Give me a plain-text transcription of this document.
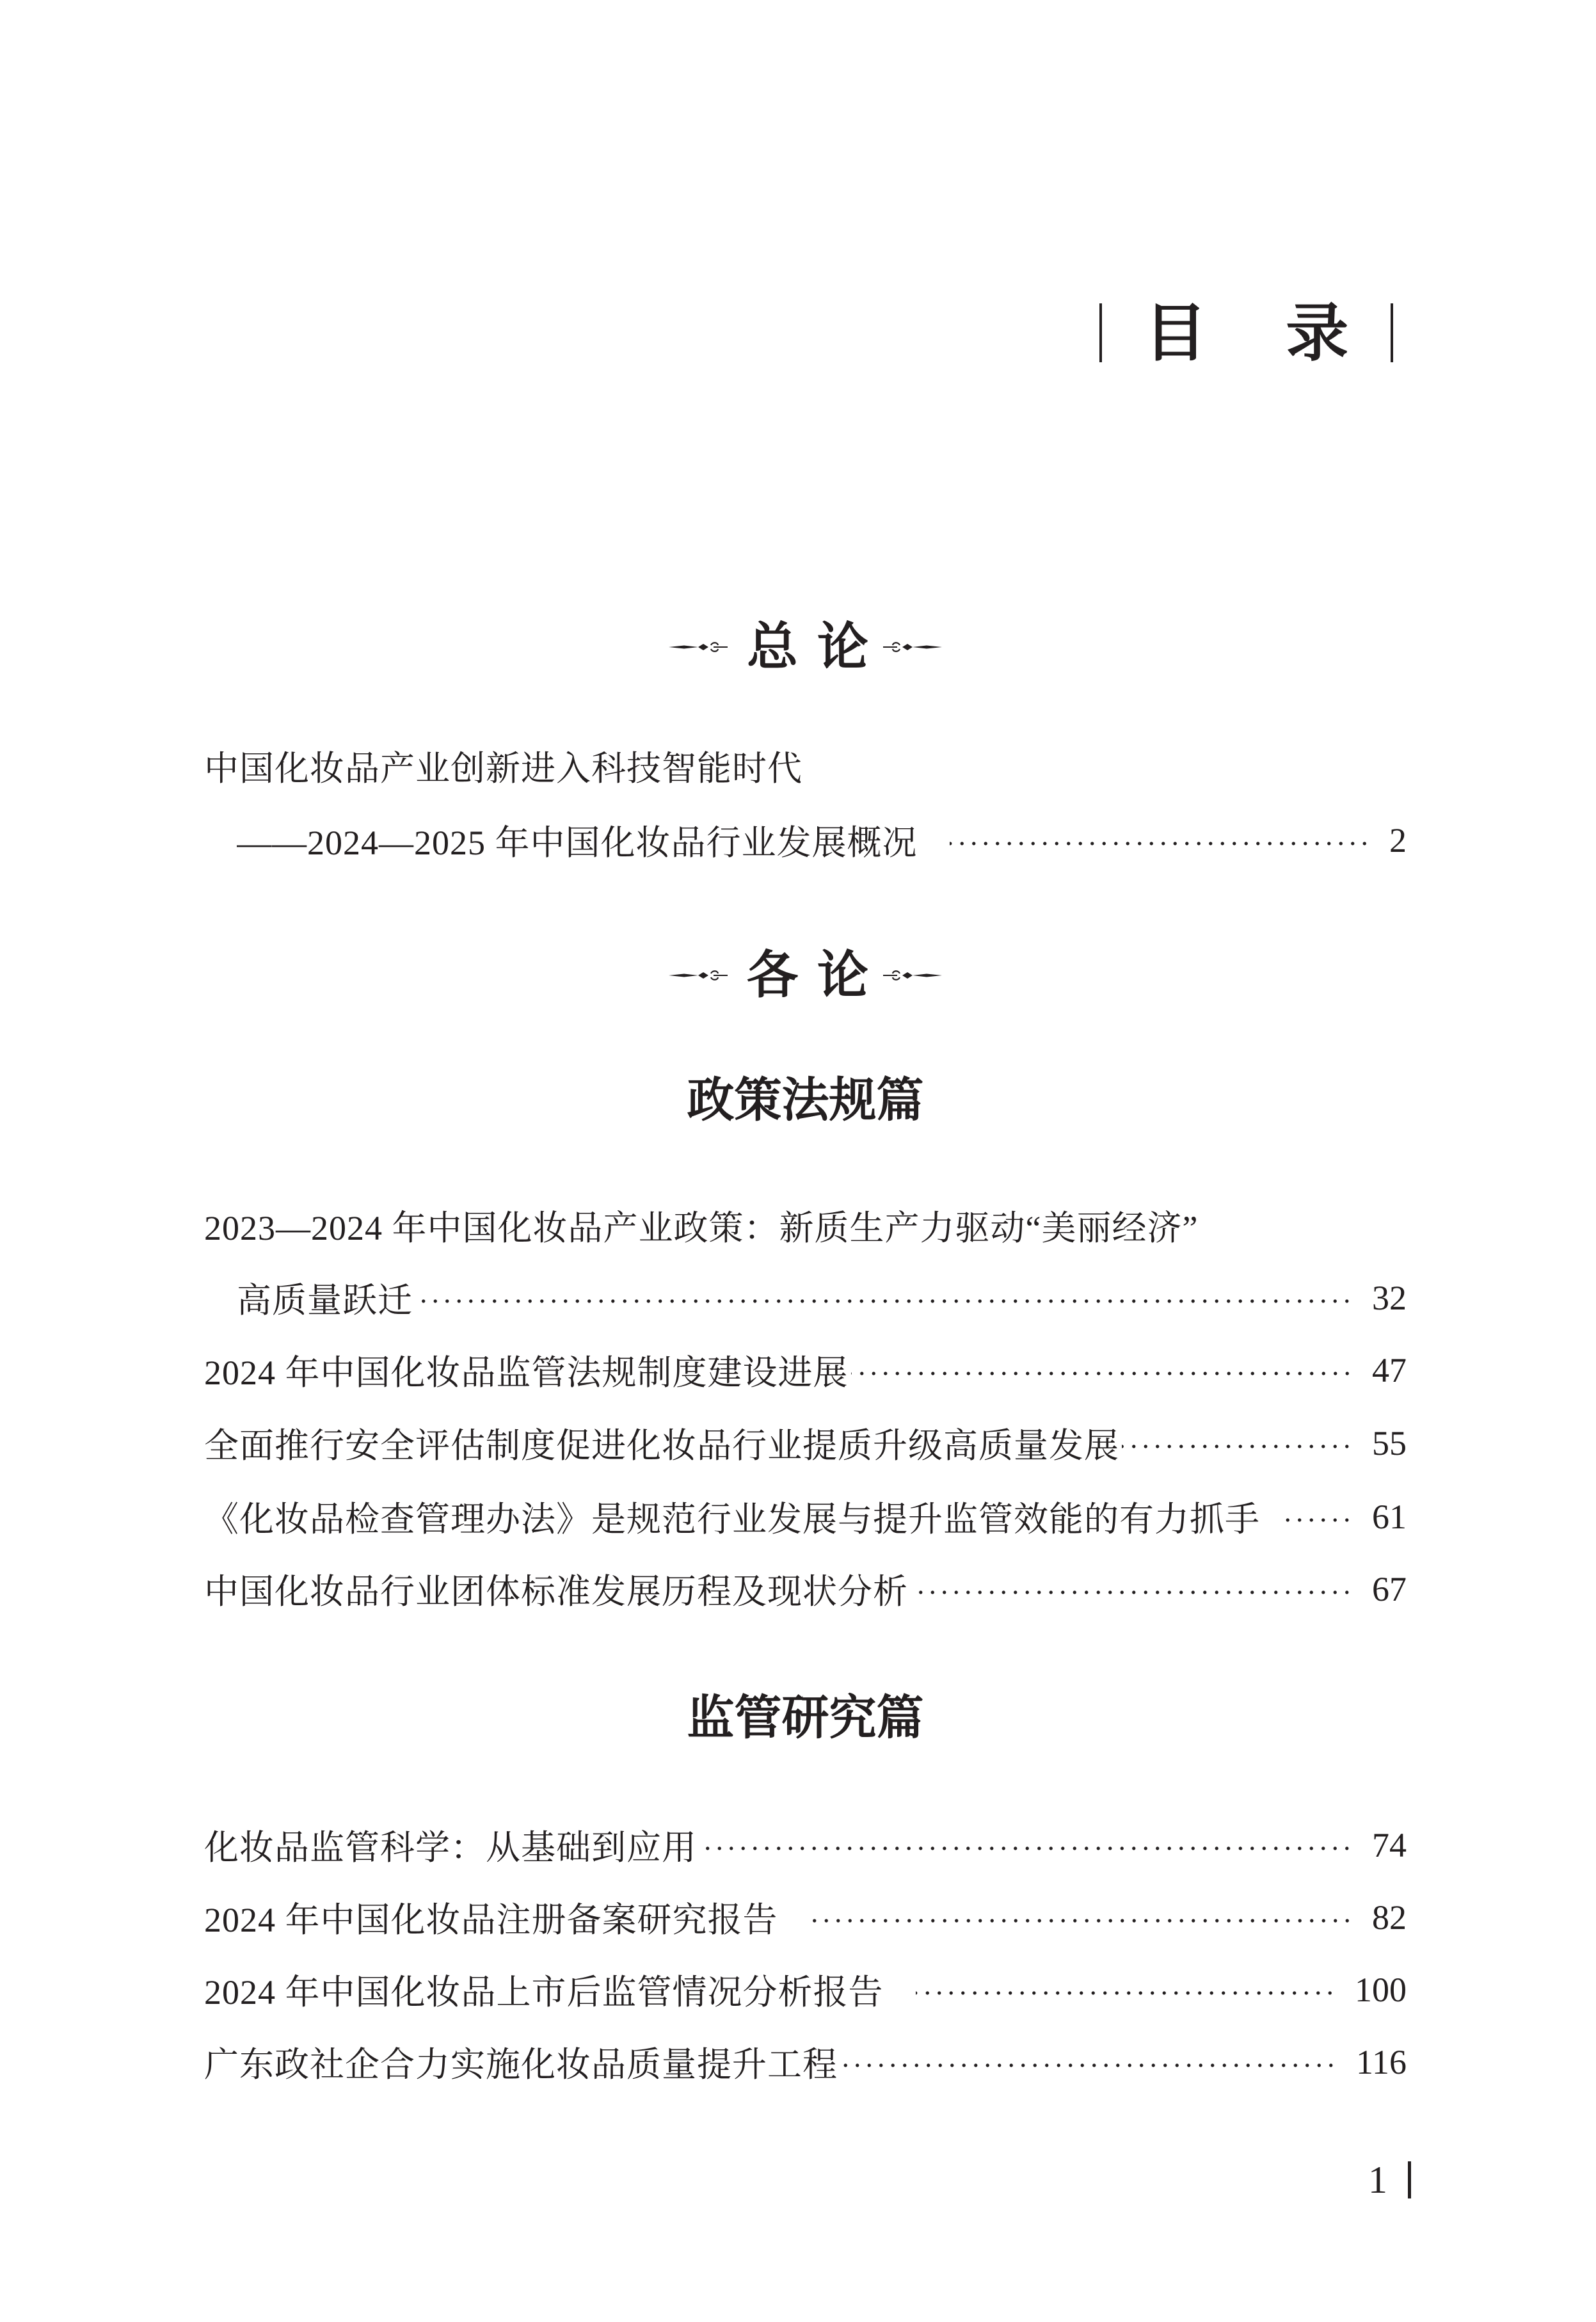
目 录
总论
中国化妆品产业创新进入科技智能时代
——2024—2025 年中国化妆品行业发展概况	2
各论
政策法规篇
2023—2024 年中国化妆品产业政策：新质生产力驱动“美丽经济”
高质量跃迁	32
2024 年中国化妆品监管法规制度建设进展	47
全面推行安全评估制度促进化妆品行业提质升级高质量发展	55
《化妆品检查管理办法》是规范行业发展与提升监管效能的有力抓手	61
中国化妆品行业团体标准发展历程及现状分析	67
监管研究篇
化妆品监管科学：从基础到应用	74
2024 年中国化妆品注册备案研究报告	82
2024 年中国化妆品上市后监管情况分析报告	100
广东政社企合力实施化妆品质量提升工程	116
1
